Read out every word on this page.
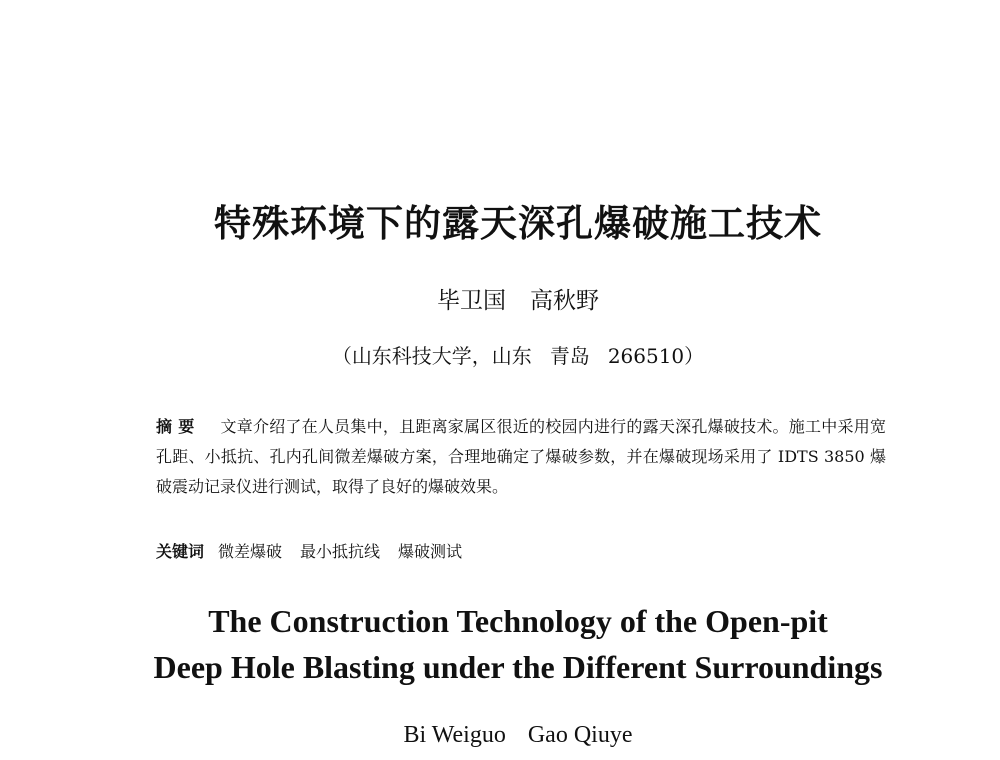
特殊环境下的露天深孔爆破施工技术
毕卫国 高秋野
（山东科技大学，山东 青岛 266510）
摘要 文章介绍了在人员集中，且距离家属区很近的校园内进行的露天深孔爆破技术。施工中采用宽孔距、小抵抗、孔内孔间微差爆破方案，合理地确定了爆破参数，并在爆破现场采用了 IDTS 3850 爆破震动记录仪进行测试，取得了良好的爆破效果。
关键词 微差爆破 最小抵抗线 爆破测试
The Construction Technology of the Open-pit
Deep Hole Blasting under the Different Surroundings
Bi Weiguo Gao Qiuye
